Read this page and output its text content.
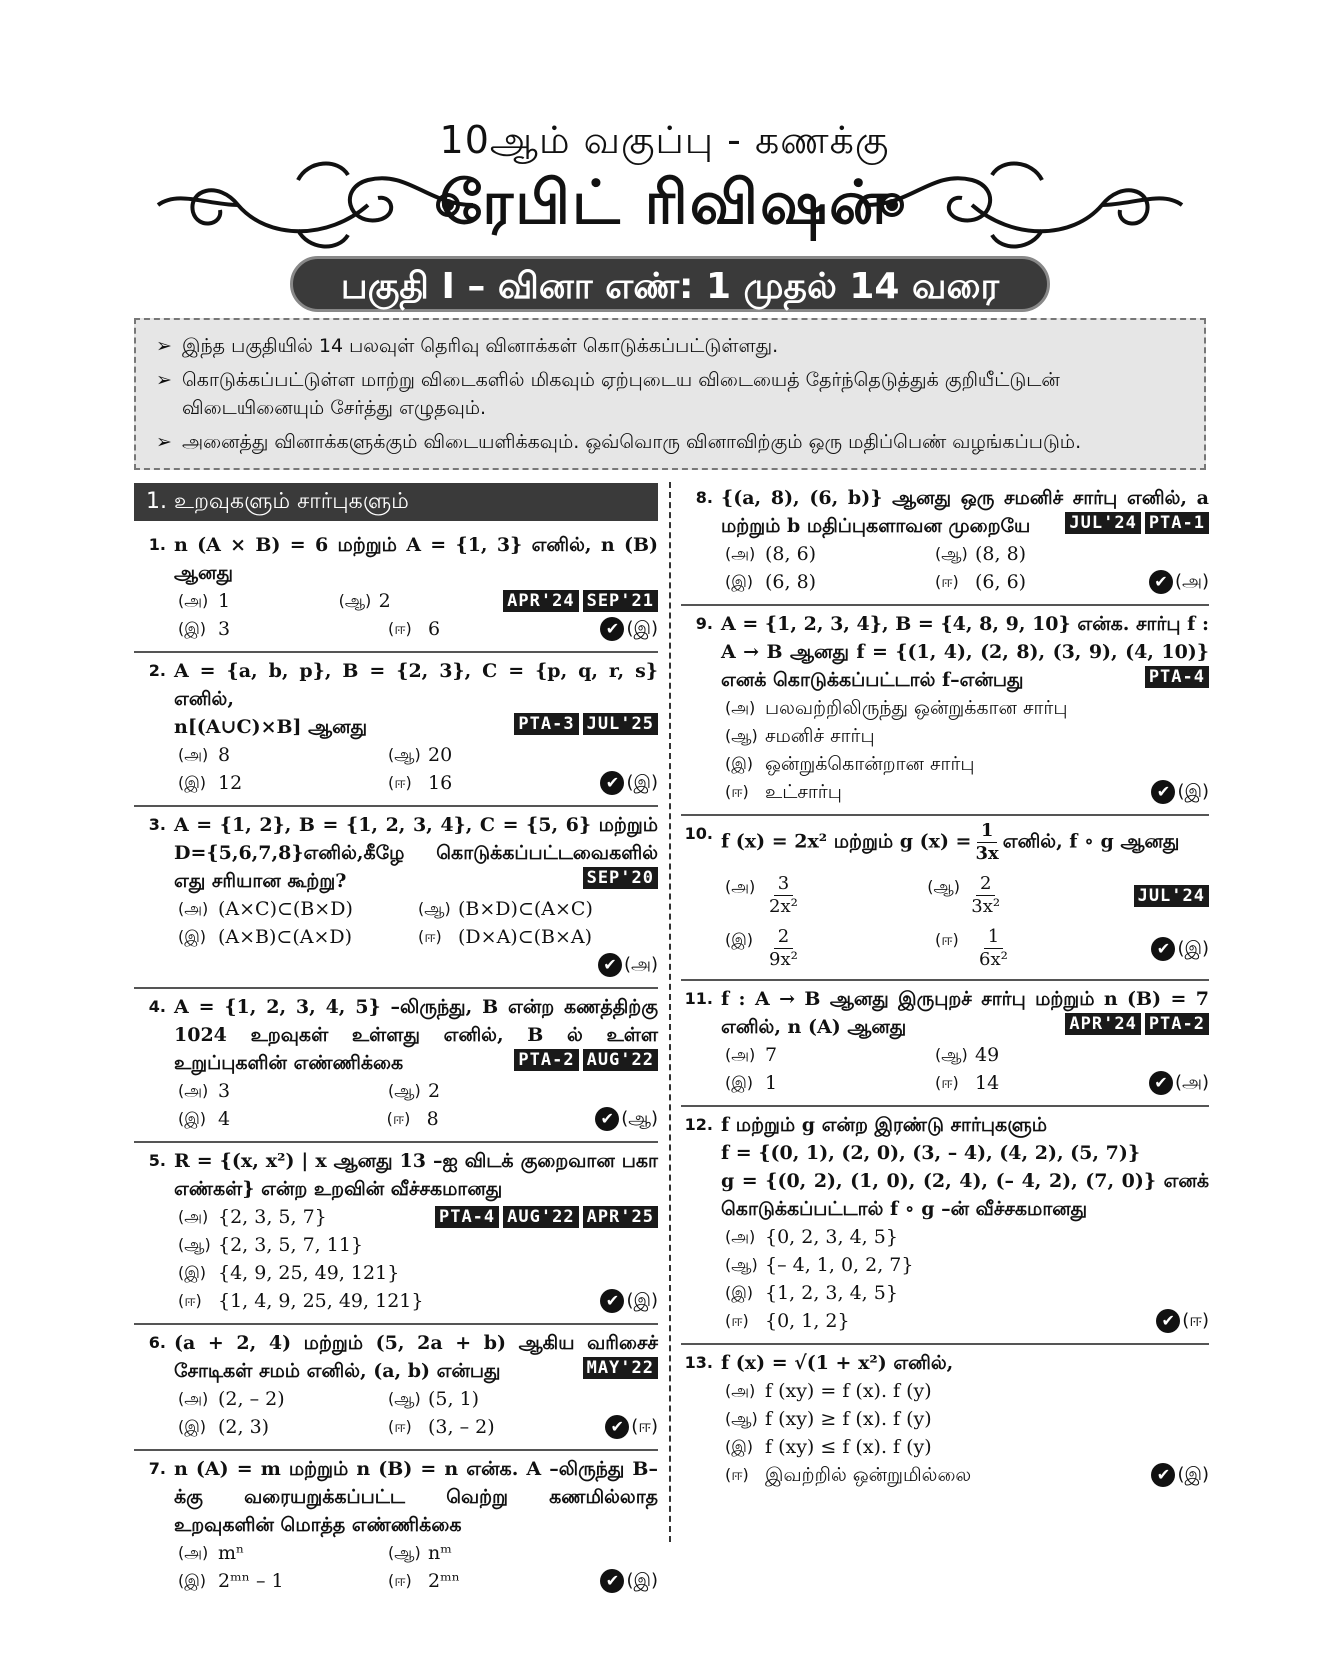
10ஆம் வகுப்பு - கணக்கு
ரேபிட் ரிவிஷன்
பகுதி I – வினா எண்: 1 முதல் 14 வரை
➢ இந்த பகுதியில் 14 பலவுள் தெரிவு வினாக்கள் கொடுக்கப்பட்டுள்ளது.
➢ கொடுக்கப்பட்டுள்ள மாற்று விடைகளில் மிகவும் ஏற்புடைய விடையைத் தேர்ந்தெடுத்துக் குறியீட்டுடன் விடையினையும் சேர்த்து எழுதவும்.
➢ அனைத்து வினாக்களுக்கும் விடையளிக்கவும். ஒவ்வொரு வினாவிற்கும் ஒரு மதிப்பெண் வழங்கப்படும்.
1. உறவுகளும் சார்புகளும்
1. n (A × B) = 6 மற்றும் A = {1, 3} எனில், n (B) ஆனது
(அ) 1	(ஆ) 2	APR'24 SEP'21
(இ) 3	(ஈ) 6	✔ (இ)
2. A = {a, b, p}, B = {2, 3}, C = {p, q, r, s} எனில்,
n[(A∪C)×B] ஆனது	PTA-3 JUL'25
(அ) 8	(ஆ) 20
(இ) 12	(ஈ) 16	✔ (இ)
3. A = {1, 2}, B = {1, 2, 3, 4}, C = {5, 6} மற்றும் D={5,6,7,8}எனில்,கீழே கொடுக்கப்பட்டவைகளில் எது சரியான கூற்று?	SEP'20
(அ) (A×C)⊂(B×D)	(ஆ) (B×D)⊂(A×C)
(இ) (A×B)⊂(A×D)	(ஈ) (D×A)⊂(B×A)
✔ (அ)
4. A = {1, 2, 3, 4, 5} –லிருந்து, B என்ற கணத்திற்கு 1024 உறவுகள் உள்ளது எனில், B ல் உள்ள உறுப்புகளின் எண்ணிக்கை	PTA-2 AUG'22
(அ) 3	(ஆ) 2
(இ) 4	(ஈ) 8	✔ (ஆ)
5. R = {(x, x²) | x ஆனது 13 –ஐ விடக் குறைவான பகா எண்கள்} என்ற உறவின் வீச்சகமானது
(அ) {2, 3, 5, 7}	PTA-4 AUG'22 APR'25
(ஆ) {2, 3, 5, 7, 11}
(இ) {4, 9, 25, 49, 121}
(ஈ) {1, 4, 9, 25, 49, 121}	✔ (இ)
6. (a + 2, 4) மற்றும் (5, 2a + b) ஆகிய வரிசைச் சோடிகள் சமம் எனில், (a, b) என்பது	MAY'22
(அ) (2, – 2)	(ஆ) (5, 1)
(இ) (2, 3)	(ஈ) (3, – 2)	✔ (ஈ)
7. n (A) = m மற்றும் n (B) = n என்க. A –லிருந்து B–க்கு வரையறுக்கப்பட்ட வெற்று கணமில்லாத உறவுகளின் மொத்த எண்ணிக்கை
(அ) mⁿ	(ஆ) nᵐ
(இ) 2ᵐⁿ – 1	(ஈ) 2ᵐⁿ	✔ (இ)
8. {(a, 8), (6, b)} ஆனது ஒரு சமனிச் சார்பு எனில், a மற்றும் b மதிப்புகளாவன முறையே JUL'24 PTA-1
(அ) (8, 6)	(ஆ) (8, 8)
(இ) (6, 8)	(ஈ) (6, 6)	✔ (அ)
9. A = {1, 2, 3, 4}, B = {4, 8, 9, 10} என்க. சார்பு f : A → B ஆனது f = {(1, 4), (2, 8), (3, 9), (4, 10)} எனக் கொடுக்கப்பட்டால் f–என்பது	PTA-4
(அ) பலவற்றிலிருந்து ஒன்றுக்கான சார்பு
(ஆ) சமனிச் சார்பு
(இ) ஒன்றுக்கொன்றான சார்பு
(ஈ) உட்சார்பு	✔ (இ)
10. f (x) = 2x² மற்றும் g $(x) = \frac{1}{3x}$ எனில், f ∘ g ஆனது
(அ) $\frac{3}{\text{2x²}}$	(ஆ) $\frac{2}{\text{3x²}}$	JUL'24
(இ) $\frac{2}{\text{9x²}}$	(ஈ)	$\frac{1}{\text{6x²}}$	✔ (இ)
11. f : A → B ஆனது இருபுறச் சார்பு மற்றும் n (B) = 7 எனில், n (A) ஆனது	APR'24 PTA-2
(அ) 7	(ஆ) 49
(இ) 1	(ஈ) 14	✔ (அ)
12. f மற்றும் g என்ற இரண்டு சார்புகளும்
f = {(0, 1), (2, 0), (3, – 4), (4, 2), (5, 7)}
g = {(0, 2), (1, 0), (2, 4), (– 4, 2), (7, 0)} எனக் கொடுக்கப்பட்டால் f ∘ g –ன் வீச்சகமானது
(அ) {0, 2, 3, 4, 5}
(ஆ) {– 4, 1, 0, 2, 7}
(இ) {1, 2, 3, 4, 5}
(ஈ) {0, 1, 2}	✔ (ஈ)
13. f (x) = √(1 + x²) எனில்,
(அ) f (xy) = f (x). f (y)
(ஆ) f (xy) ≥ f (x). f (y)
(இ) f (xy) ≤ f (x). f (y)
(ஈ) இவற்றில் ஒன்றுமில்லை	✔ (இ)
